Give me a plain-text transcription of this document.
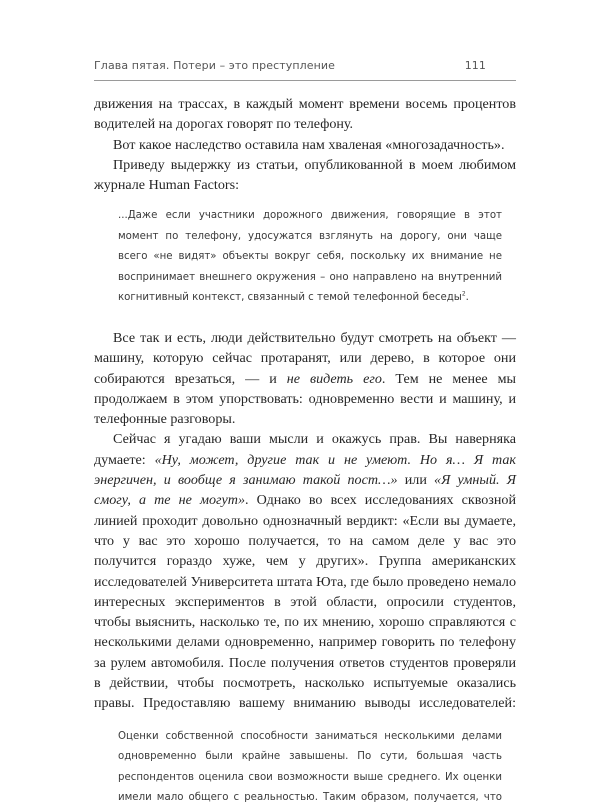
Глава пятая. Потери – это преступление	111

движения на трассах, в каждый момент времени восемь процентов водителей на дорогах говорят по телефону.

Вот какое наследство оставила нам хваленая «многозадачность».

Приведу выдержку из статьи, опубликованной в моем любимом журнале Human Factors:

...Даже если участники дорожного движения, говорящие в этот момент по телефону, удосужатся взглянуть на дорогу, они чаще всего «не видят» объекты вокруг себя, поскольку их внимание не воспринимает внешнего окружения – оно направлено на внутренний когнитивный контекст, связанный с темой телефонной беседы$^2$.

Все так и есть, люди действительно будут смотреть на объект — машину, которую сейчас протаранят, или дерево, в которое они собираются врезаться, — и не видеть его. Тем не менее мы продолжаем в этом упорствовать: одновременно вести и машину, и телефонные разговоры.

Сейчас я угадаю ваши мысли и окажусь прав. Вы наверняка думаете: «Ну, может, другие так и не умеют. Но я… Я так энергичен, и вообще я занимаю такой пост…» или «Я умный. Я смогу, а те не могут». Однако во всех исследованиях сквозной линией проходит довольно однозначный вердикт: «Если вы думаете, что у вас это хорошо получается, то на самом деле у вас это получится гораздо хуже, чем у других». Группа американских исследователей Университета штата Юта, где было проведено немало интересных экспериментов в этой области, опросили студентов, чтобы выяснить, насколько те, по их мнению, хорошо справляются с несколькими делами одновременно, например говорить по телефону за рулем автомобиля. После получения ответов студентов проверяли в действии, чтобы посмотреть, насколько испытуемые оказались правы. Предоставляю вашему вниманию выводы исследователей:

Оценки собственной способности заниматься несколькими делами одновременно были крайне завышены. По сути, большая часть респондентов оценила свои возможности выше среднего. Их оценки имели мало общего с реальностью. Таким образом, получается, что
